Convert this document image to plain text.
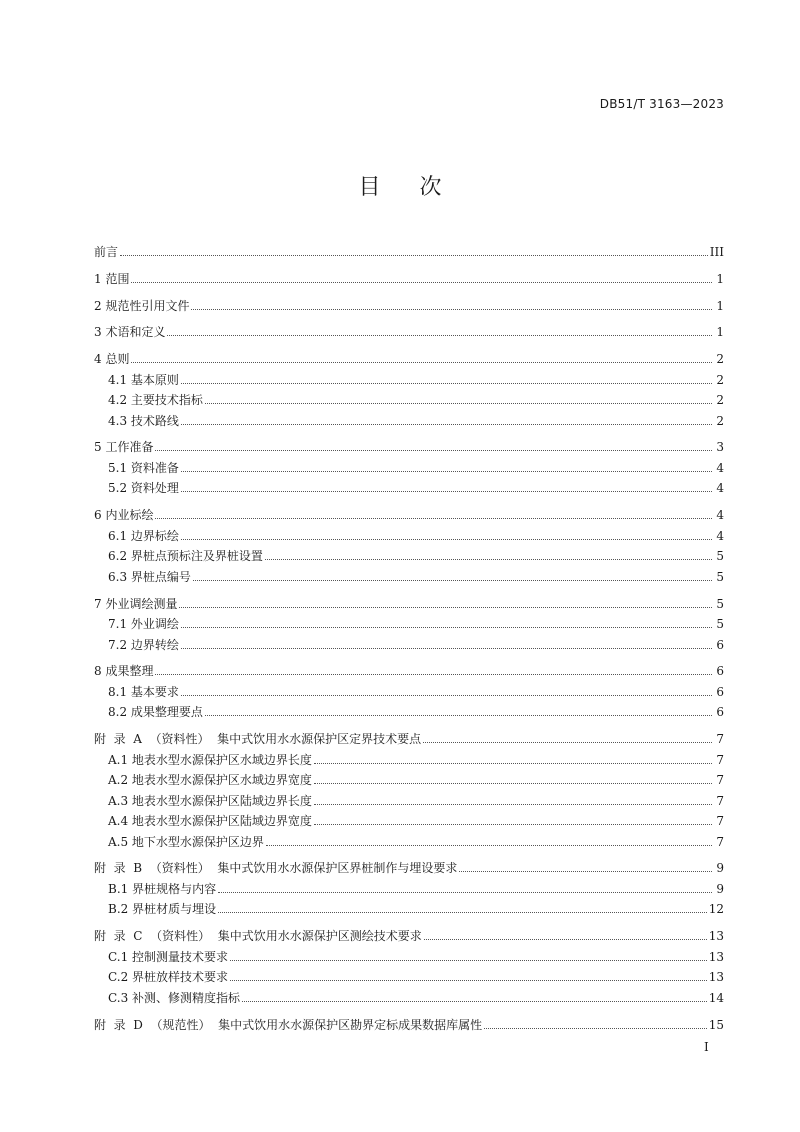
DB51/T 3163—2023
目 次
前言	III
1 范围	1
2 规范性引用文件	1
3 术语和定义	1
4 总则	2
4.1 基本原则	2
4.2 主要技术指标	2
4.3 技术路线	2
5 工作准备	3
5.1 资料准备	4
5.2 资料处理	4
6 内业标绘	4
6.1 边界标绘	4
6.2 界桩点预标注及界桩设置	5
6.3 界桩点编号	5
7 外业调绘测量	5
7.1 外业调绘	5
7.2 边界转绘	6
8 成果整理	6
8.1 基本要求	6
8.2 成果整理要点	6
附  录  A  （资料性）  集中式饮用水水源保护区定界技术要点	7
A.1 地表水型水源保护区水域边界长度	7
A.2 地表水型水源保护区水域边界宽度	7
A.3 地表水型水源保护区陆域边界长度	7
A.4 地表水型水源保护区陆域边界宽度	7
A.5 地下水型水源保护区边界	7
附  录  B  （资料性）  集中式饮用水水源保护区界桩制作与埋设要求	9
B.1 界桩规格与内容	9
B.2 界桩材质与埋设	12
附  录  C  （资料性）  集中式饮用水水源保护区测绘技术要求	13
C.1 控制测量技术要求	13
C.2 界桩放样技术要求	13
C.3 补测、修测精度指标	14
附  录  D  （规范性）  集中式饮用水水源保护区勘界定标成果数据库属性	15
I
